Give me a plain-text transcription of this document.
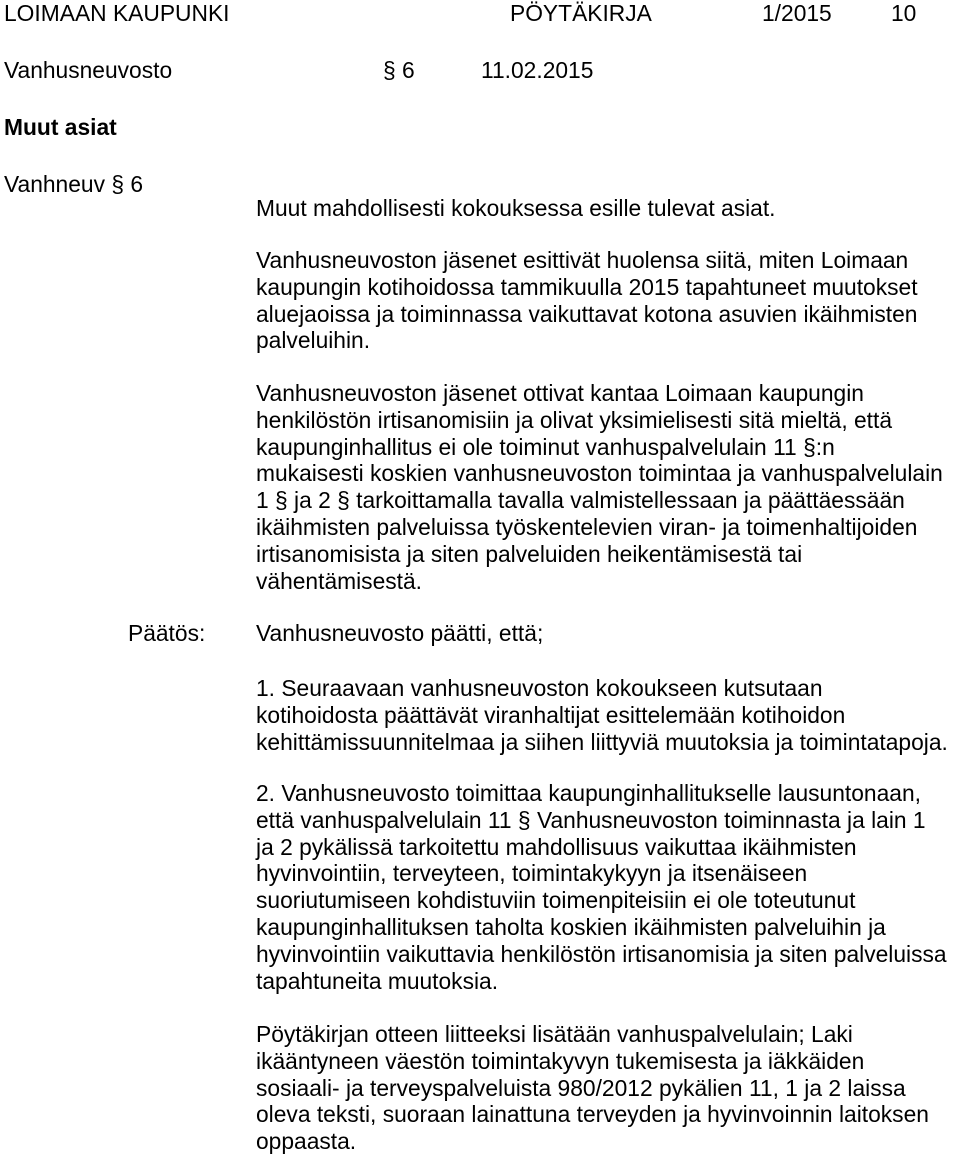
LOIMAAN KAUPUNKI	PÖYTÄKIRJA	1/2015	10
Vanhusneuvosto	§ 6	11.02.2015
Muut asiat
Vanhneuv § 6
Muut mahdollisesti kokouksessa esille tulevat asiat.
Vanhusneuvoston jäsenet esittivät huolensa siitä, miten Loimaan
kaupungin kotihoidossa tammikuulla 2015 tapahtuneet muutokset
aluejaoissa ja toiminnassa vaikuttavat kotona asuvien ikäihmisten
palveluihin.
Vanhusneuvoston jäsenet ottivat kantaa Loimaan kaupungin
henkilöstön irtisanomisiin ja olivat yksimielisesti sitä mieltä, että
kaupunginhallitus ei ole toiminut vanhuspalvelulain 11 §:n
mukaisesti koskien vanhusneuvoston toimintaa ja vanhuspalvelulain
1 § ja 2 § tarkoittamalla tavalla valmistellessaan ja päättäessään
ikäihmisten palveluissa työskentelevien viran- ja toimenhaltijoiden
irtisanomisista ja siten palveluiden heikentämisestä tai
vähentämisestä.
Päätös: Vanhusneuvosto päätti, että;
1. Seuraavaan vanhusneuvoston kokoukseen kutsutaan
kotihoidosta päättävät viranhaltijat esittelemään kotihoidon
kehittämissuunnitelmaa ja siihen liittyviä muutoksia ja toimintatapoja.
2. Vanhusneuvosto toimittaa kaupunginhallitukselle lausuntonaan,
että vanhuspalvelulain 11 § Vanhusneuvoston toiminnasta ja lain 1
ja 2 pykälissä tarkoitettu mahdollisuus vaikuttaa ikäihmisten
hyvinvointiin, terveyteen, toimintakykyyn ja itsenäiseen
suoriutumiseen kohdistuviin toimenpiteisiin ei ole toteutunut
kaupunginhallituksen taholta koskien ikäihmisten palveluihin ja
hyvinvointiin vaikuttavia henkilöstön irtisanomisia ja siten palveluissa
tapahtuneita muutoksia.
Pöytäkirjan otteen liitteeksi lisätään vanhuspalvelulain; Laki
ikääntyneen väestön toimintakyvyn tukemisesta ja iäkkäiden
sosiaali- ja terveyspalveluista 980/2012 pykälien 11, 1 ja 2 laissa
oleva teksti, suoraan lainattuna terveyden ja hyvinvoinnin laitoksen
oppaasta.
